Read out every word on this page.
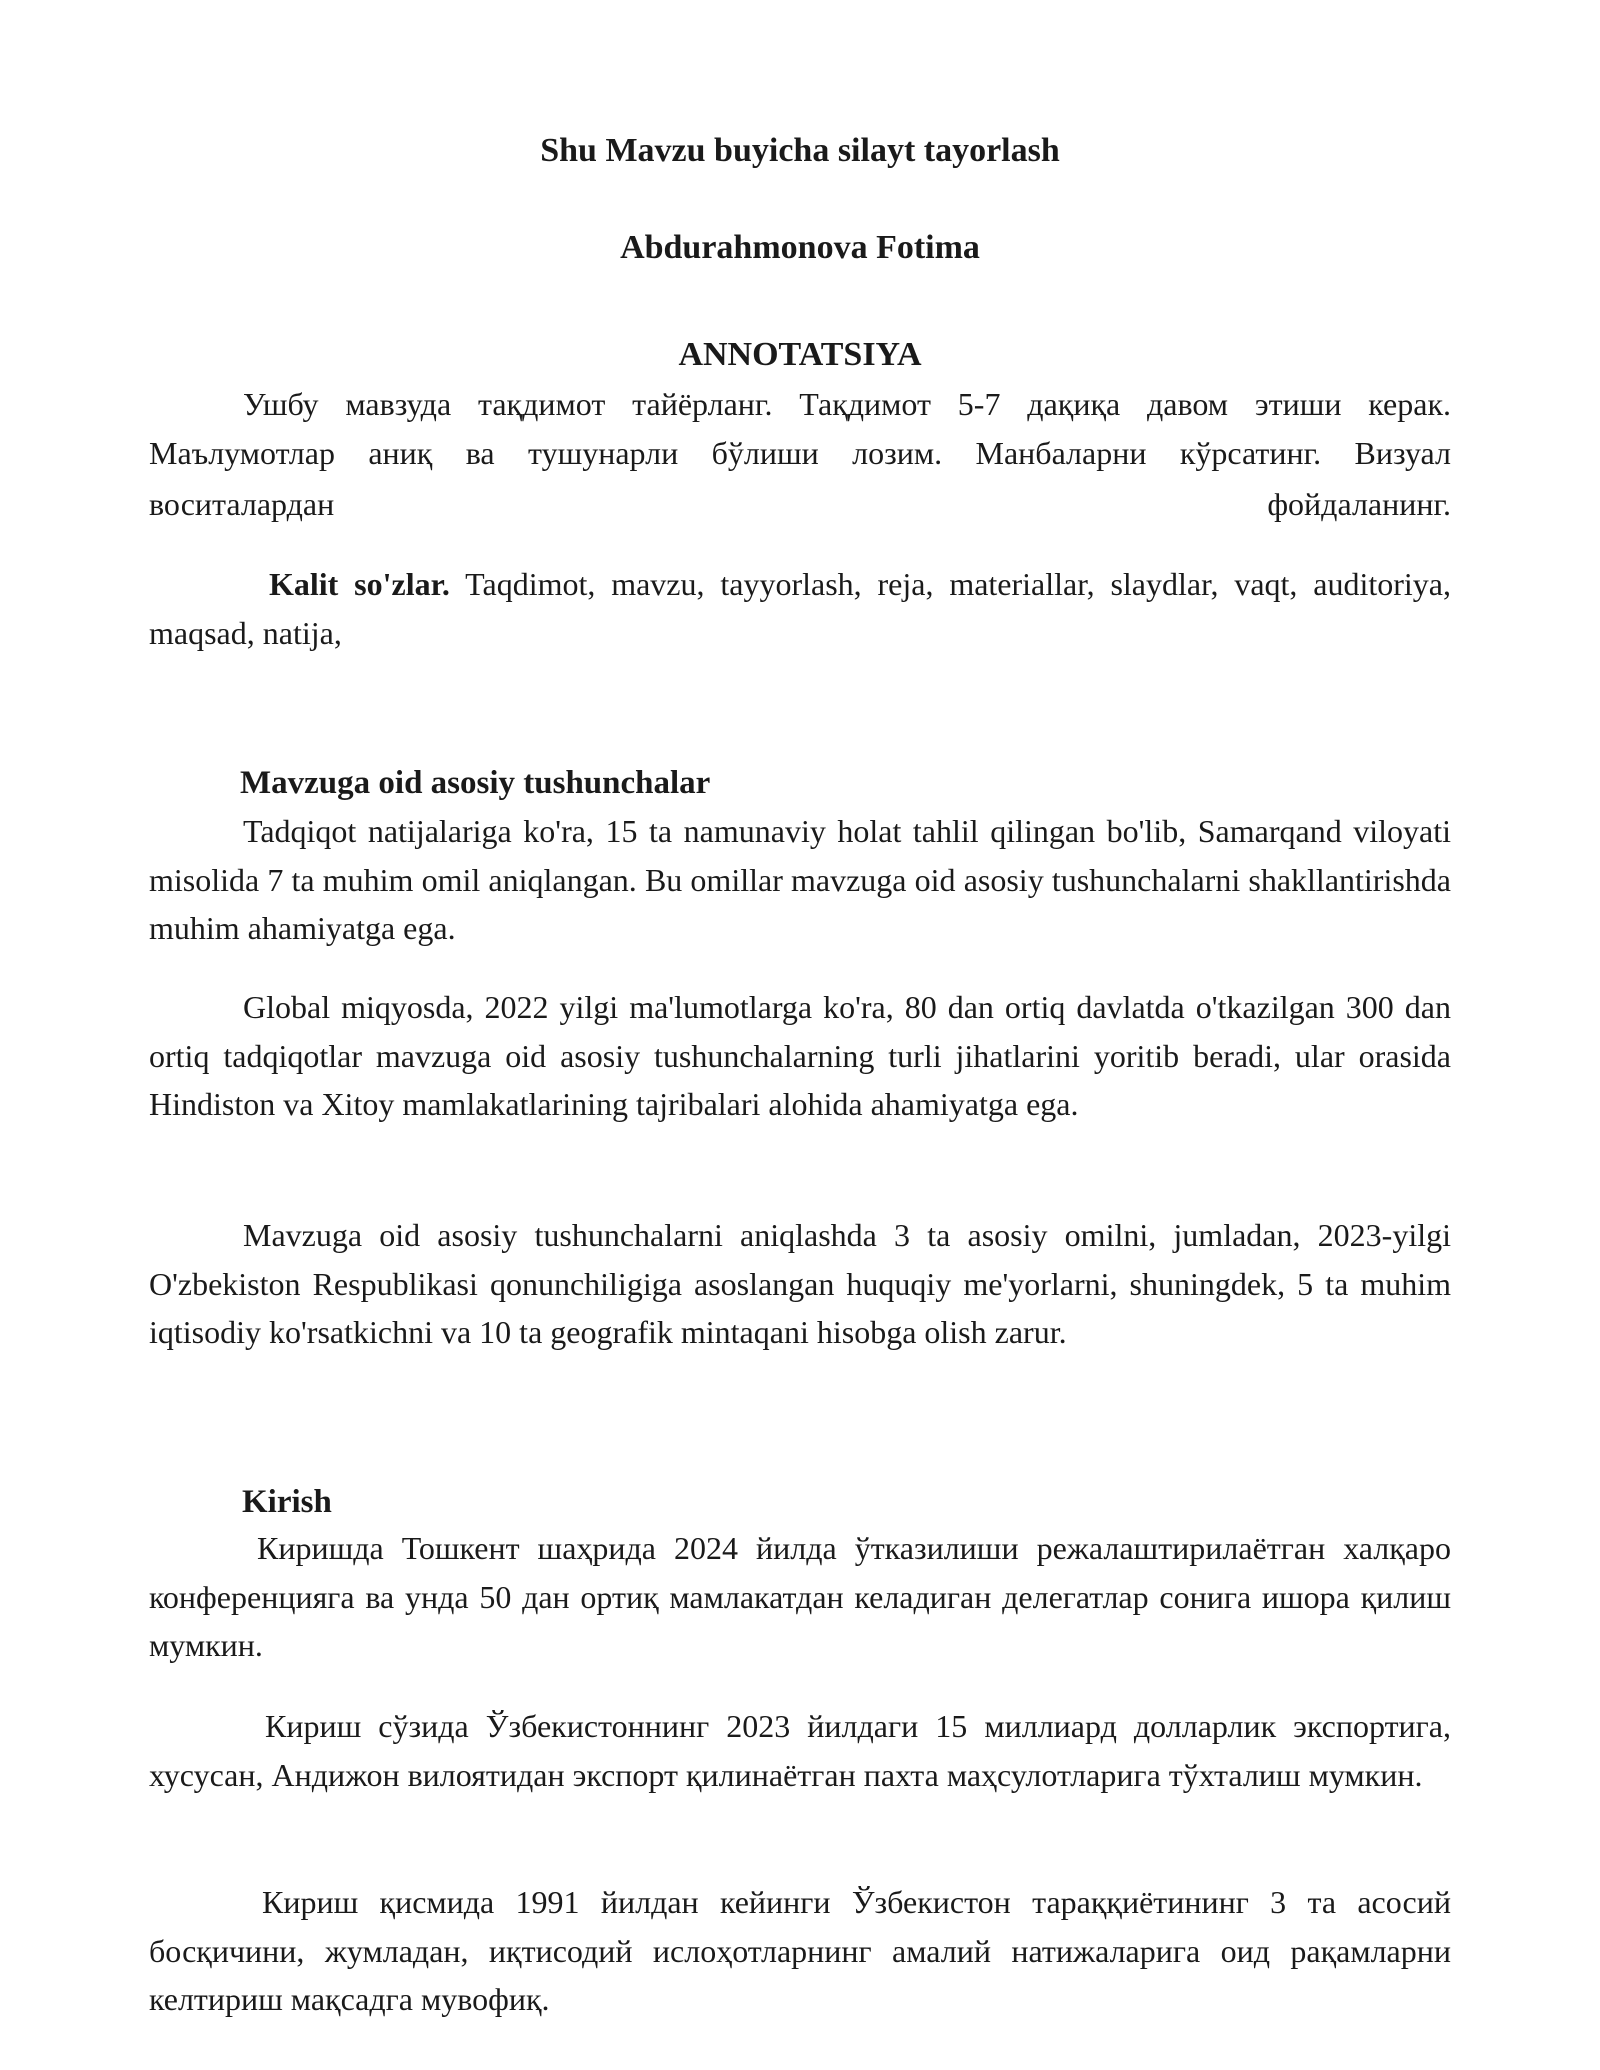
Shu Mavzu buyicha silayt tayorlash
Abdurahmonova Fotima
ANNOTATSIYA
Ушбу мавзуда тақдимот тайёрланг. Тақдимот 5-7 дақиқа давом этиши керак. Маълумотлар аниқ ва тушунарли бўлиши лозим. Манбаларни кўрсатинг. Визуал
воситалардан	фойдаланинг.
Kalit so'zlar. Taqdimot, mavzu, tayyorlash, reja, materiallar, slaydlar, vaqt, auditoriya, maqsad, natija,
Mavzuga oid asosiy tushunchalar
Tadqiqot natijalariga ko'ra, 15 ta namunaviy holat tahlil qilingan bo'lib, Samarqand viloyati misolida 7 ta muhim omil aniqlangan. Bu omillar mavzuga oid asosiy tushunchalarni shakllantirishda muhim ahamiyatga ega.
Global miqyosda, 2022 yilgi ma'lumotlarga ko'ra, 80 dan ortiq davlatda o'tkazilgan 300 dan ortiq tadqiqotlar mavzuga oid asosiy tushunchalarning turli jihatlarini yoritib beradi, ular orasida Hindiston va Xitoy mamlakatlarining tajribalari alohida ahamiyatga ega.
Mavzuga oid asosiy tushunchalarni aniqlashda 3 ta asosiy omilni, jumladan, 2023-yilgi O'zbekiston Respublikasi qonunchiligiga asoslangan huquqiy me'yorlarni, shuningdek, 5 ta muhim iqtisodiy ko'rsatkichni va 10 ta geografik mintaqani hisobga olish zarur.
Kirish
Киришда Тошкент шаҳрида 2024 йилда ўтказилиши режалаштирилаётган халқаро конференцияга ва унда 50 дан ортиқ мамлакатдан келадиган делегатлар сонига ишора қилиш мумкин.
Кириш сўзида Ўзбекистоннинг 2023 йилдаги 15 миллиард долларлик экспортига, хусусан, Андижон вилоятидан экспорт қилинаётган пахта маҳсулотларига тўхталиш мумкин.
Кириш қисмида 1991 йилдан кейинги Ўзбекистон тараққиётининг 3 та асосий босқичини, жумладан, иқтисодий ислоҳотларнинг амалий натижаларига оид рақамларни келтириш мақсадга мувофиқ.
